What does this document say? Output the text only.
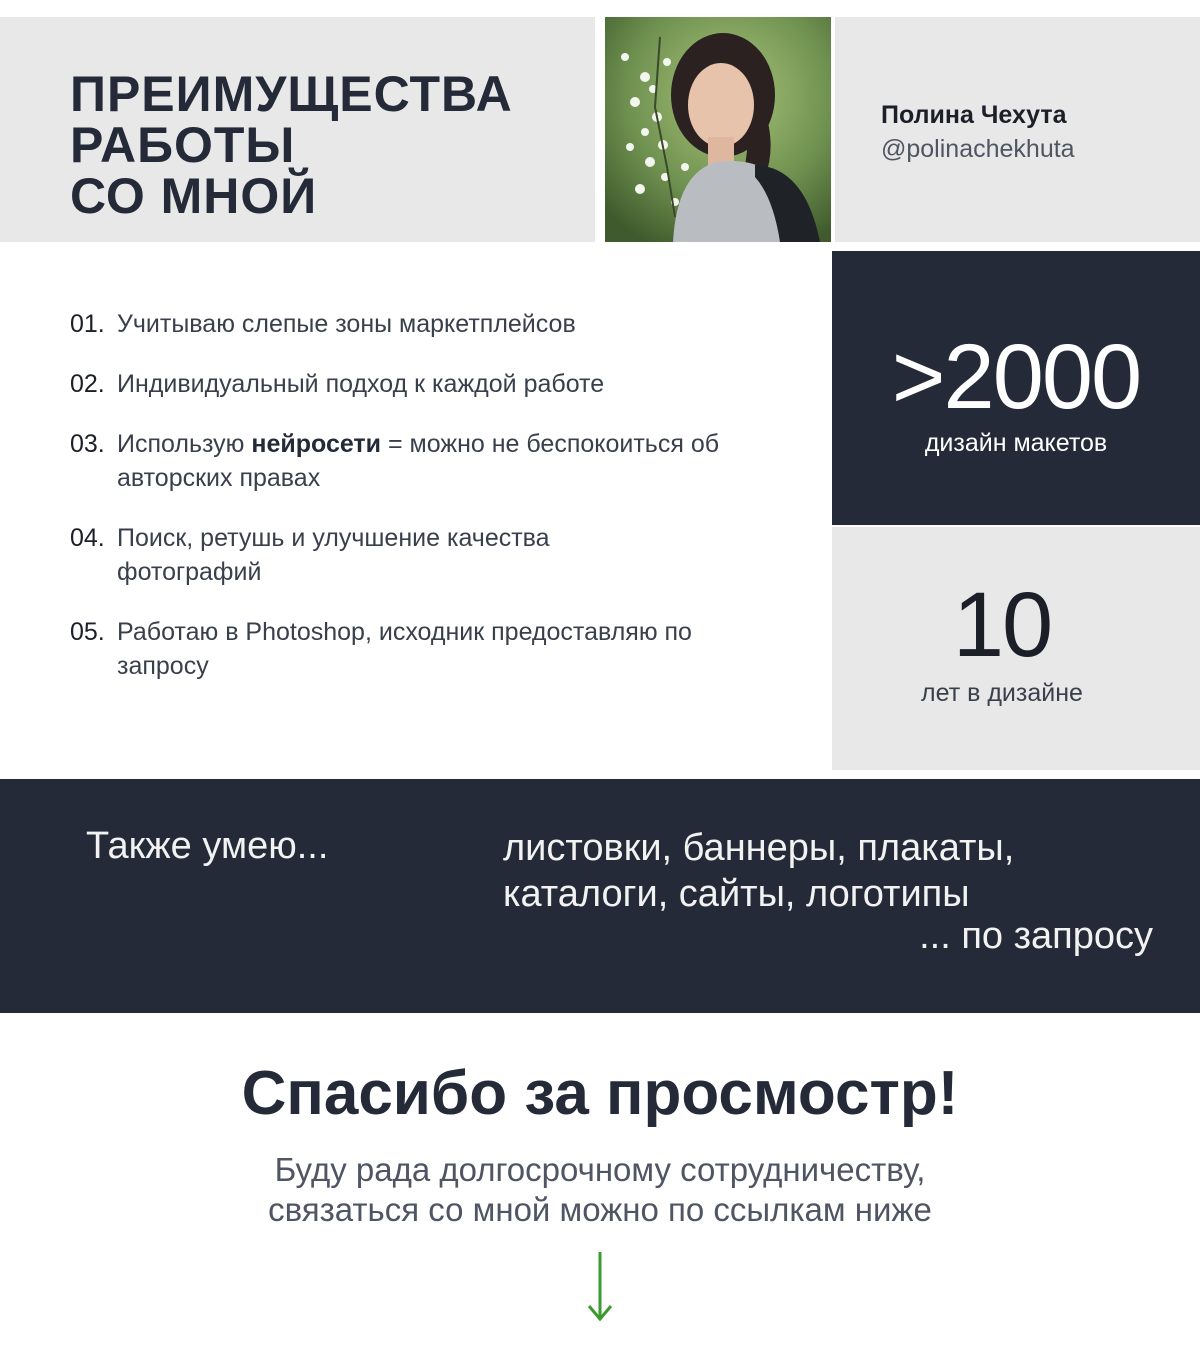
ПРЕИМУЩЕСТВА
РАБОТЫ
СО МНОЙ
Полина Чехута
@polinachekhuta
01. Учитываю слепые зоны маркетплейсов
02. Индивидуальный подход к каждой работе
03. Использую нейросети = можно не беспокоиться об авторских правах
04. Поиск, ретушь и улучшение качества фотографий
05. Работаю в Photoshop, исходник предоставляю по запросу
>2000
дизайн макетов
10
лет в дизайне
Также умею...	листовки, баннеры, плакаты,
каталоги, сайты, логотипы
... по запросу
Спасибо за просмостр!
Буду рада долгосрочному сотрудничеству,
связаться со мной можно по ссылкам ниже
